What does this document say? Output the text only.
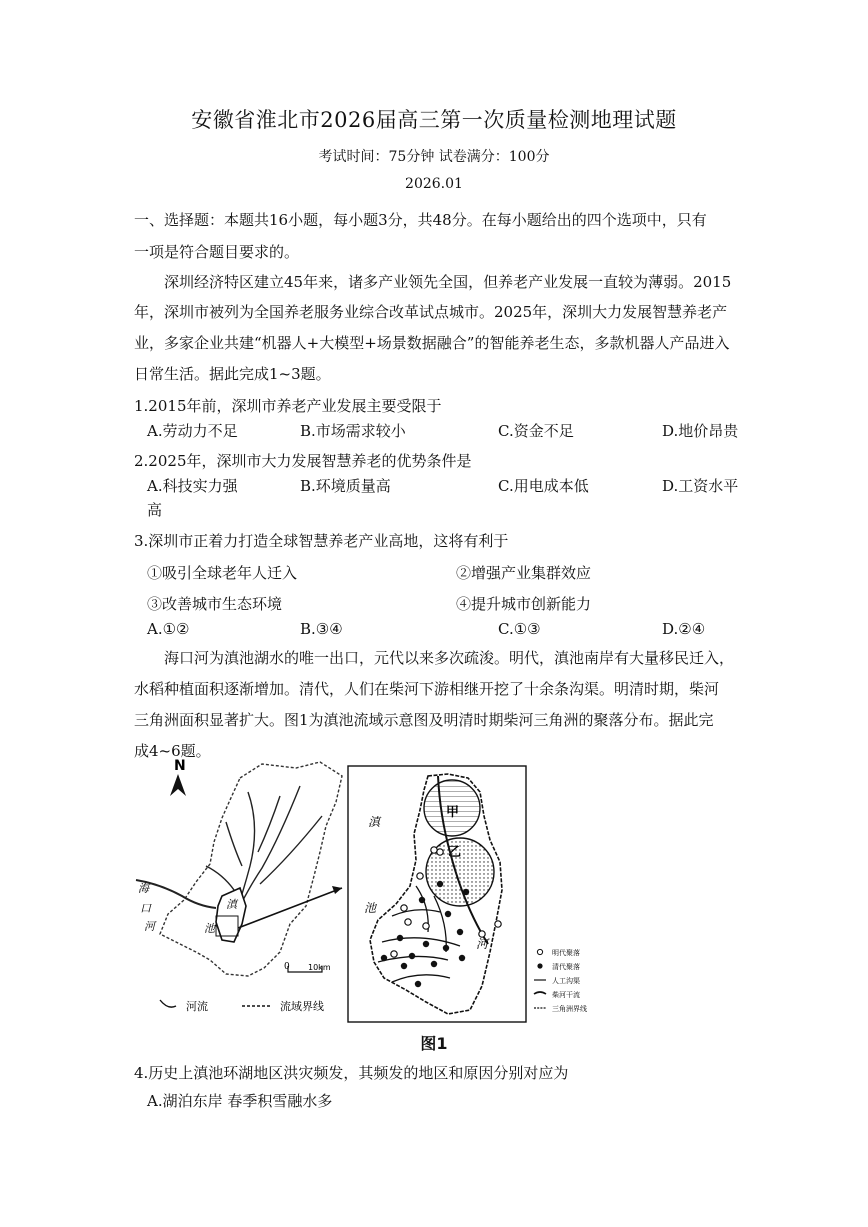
安徽省淮北市2026届高三第一次质量检测地理试题
考试时间：75分钟 试卷满分：100分
2026.01
一、选择题：本题共16小题，每小题3分，共48分。在每小题给出的四个选项中，只有
一项是符合题目要求的。
深圳经济特区建立45年来，诸多产业领先全国，但养老产业发展一直较为薄弱。2015
年，深圳市被列为全国养老服务业综合改革试点城市。2025年，深圳大力发展智慧养老产
业，多家企业共建“机器人+大模型+场景数据融合”的智能养老生态，多款机器人产品进入
日常生活。据此完成1~3题。
1.2015年前，深圳市养老产业发展主要受限于
A.劳动力不足	B.市场需求较小	C.资金不足	D.地价昂贵
2.2025年，深圳市大力发展智慧养老的优势条件是
A.科技实力强	B.环境质量高	C.用电成本低	D.工资水平
高
3.深圳市正着力打造全球智慧养老产业高地，这将有利于
①吸引全球老年人迁入	②增强产业集群效应
③改善城市生态环境	④提升城市创新能力
A.①②	B.③④	C.①③	D.②④
海口河为滇池湖水的唯一出口，元代以来多次疏浚。明代，滇池南岸有大量移民迁入，
水稻种植面积逐渐增加。清代，人们在柴河下游相继开挖了十余条沟渠。明清时期，柴河
三角洲面积显著扩大。图1为滇池流域示意图及明清时期柴河三角洲的聚落分布。据此完
成4~6题。
N
海
口
河
滇
池
0 10km
河流	流域界线
甲
乙
滇
池
河
明代聚落
清代聚落
人工沟渠
柴河干流
三角洲界线
图1
4.历史上滇池环湖地区洪灾频发，其频发的地区和原因分别对应为
A.湖泊东岸 春季积雪融水多
